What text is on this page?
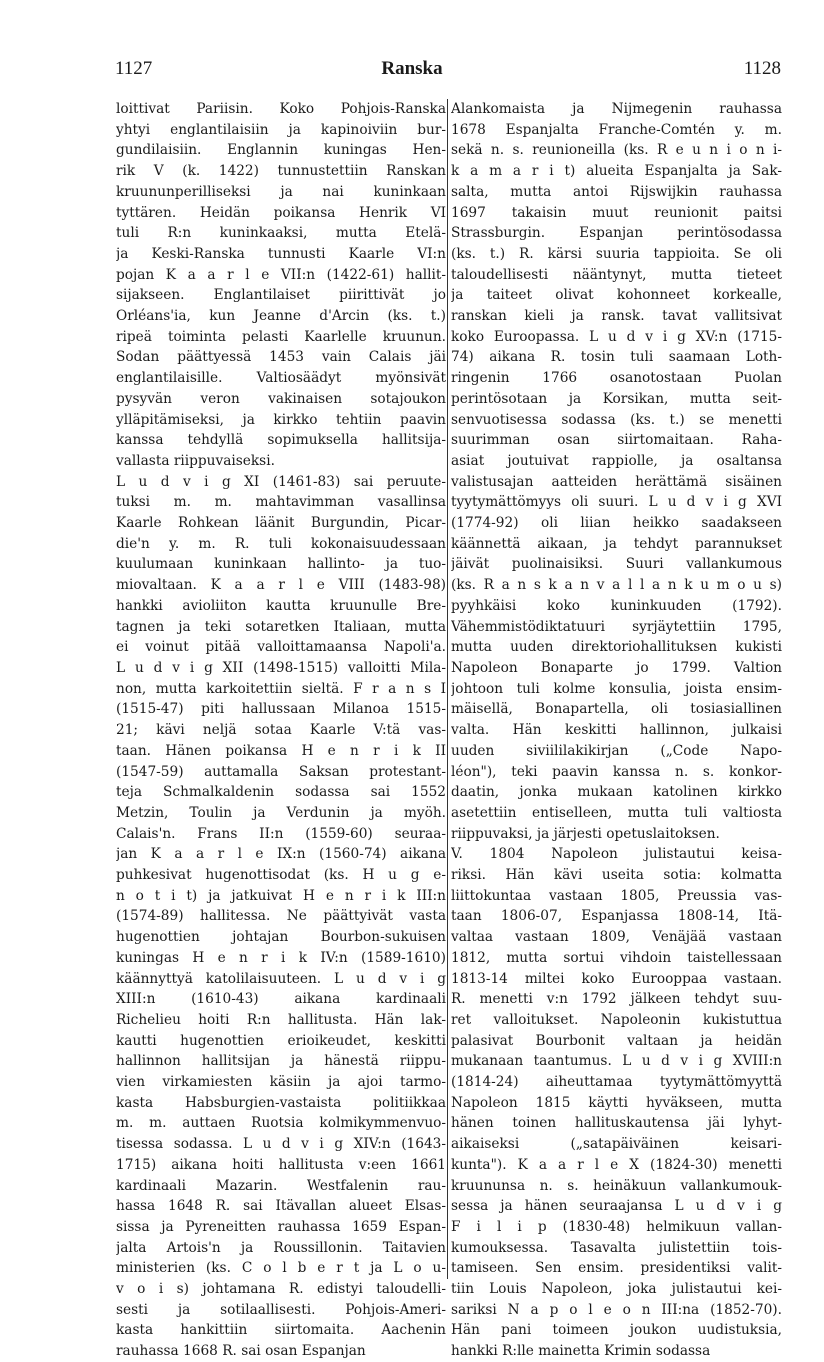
1127	Ranska	1128
loittivat Pariisin. Koko Pohjois-Ranska
yhtyi englantilaisiin ja kapinoiviin bur-
gundilaisiin. Englannin kuningas Hen-
rik V (k. 1422) tunnustettiin Ranskan
kruununperilliseksi ja nai kuninkaan
tyttären. Heidän poikansa Henrik VI
tuli R:n kuninkaaksi, mutta Etelä-
ja Keski-Ranska tunnusti Kaarle VI:n
pojan K a a r l e VII:n (1422-61) hallit-
sijakseen. Englantilaiset piirittivät jo
Orléans'ia, kun Jeanne d'Arcin (ks. t.)
ripeä toiminta pelasti Kaarlelle kruunun.
Sodan päättyessä 1453 vain Calais jäi
englantilaisille. Valtiosäädyt myönsivät
pysyvän veron vakinaisen sotajoukon
ylläpitämiseksi, ja kirkko tehtiin paavin
kanssa tehdyllä sopimuksella hallitsija-
vallasta riippuvaiseksi.
L u d v i g XI (1461-83) sai peruute-
tuksi m. m. mahtavimman vasallinsa
Kaarle Rohkean läänit Burgundin, Picar-
die'n y. m. R. tuli kokonaisuudessaan
kuulumaan kuninkaan hallinto- ja tuo-
miovaltaan. K a a r l e VIII (1483-98)
hankki avioliiton kautta kruunulle Bre-
tagnen ja teki sotaretken Italiaan, mutta
ei voinut pitää valloittamaansa Napoli'a.
L u d v i g XII (1498-1515) valloitti Mila-
non, mutta karkoitettiin sieltä. F r a n s I
(1515-47) piti hallussaan Milanoa 1515-
21; kävi neljä sotaa Kaarle V:tä vas-
taan. Hänen poikansa H e n r i k II
(1547-59) auttamalla Saksan protestant-
teja Schmalkaldenin sodassa sai 1552
Metzin, Toulin ja Verdunin ja myöh.
Calais'n. Frans II:n (1559-60) seuraa-
jan K a a r l e IX:n (1560-74) aikana
puhkesivat hugenottisodat (ks. H u g e-
n o t i t) ja jatkuivat H e n r i k III:n
(1574-89) hallitessa. Ne päättyivät vasta
hugenottien johtajan Bourbon-sukuisen
kuningas H e n r i k IV:n (1589-1610)
käännyttyä katolilaisuuteen. L u d v i g
XIII:n (1610-43) aikana kardinaali
Richelieu hoiti R:n hallitusta. Hän lak-
kautti hugenottien erioikeudet, keskitti
hallinnon hallitsijan ja hänestä riippu-
vien virkamiesten käsiin ja ajoi tarmo-
kasta Habsburgien-vastaista politiikkaa
m. m. auttaen Ruotsia kolmikymmenvuo-
tisessa sodassa. L u d v i g XIV:n (1643-
1715) aikana hoiti hallitusta v:een 1661
kardinaali Mazarin. Westfalenin rau-
hassa 1648 R. sai Itävallan alueet Elsas-
sissa ja Pyreneitten rauhassa 1659 Espan-
jalta Artois'n ja Roussillonin. Taitavien
ministerien (ks. C o l b e r t ja L o u-
v o i s) johtamana R. edistyi taloudelli-
sesti ja sotilaallisesti. Pohjois-Ameri-
kasta hankittiin siirtomaita. Aachenin
rauhassa 1668 R. sai osan Espanjan
Alankomaista ja Nijmegenin rauhassa
1678 Espanjalta Franche-Comtén y. m.
sekä n. s. reunioneilla (ks. R e u n i o n i-
k a m a r i t) alueita Espanjalta ja Sak-
salta, mutta antoi Rijswijkin rauhassa
1697 takaisin muut reunionit paitsi
Strassburgin. Espanjan perintösodassa
(ks. t.) R. kärsi suuria tappioita. Se oli
taloudellisesti nääntynyt, mutta tieteet
ja taiteet olivat kohonneet korkealle,
ranskan kieli ja ransk. tavat vallitsivat
koko Euroopassa. L u d v i g XV:n (1715-
74) aikana R. tosin tuli saamaan Loth-
ringenin 1766 osanotostaan Puolan
perintösotaan ja Korsikan, mutta seit-
senvuotisessa sodassa (ks. t.) se menetti
suurimman osan siirtomaitaan. Raha-
asiat joutuivat rappiolle, ja osaltansa
valistusajan aatteiden herättämä sisäinen
tyytymättömyys oli suuri. L u d v i g XVI
(1774-92) oli liian heikko saadakseen
käännettä aikaan, ja tehdyt parannukset
jäivät puolinaisiksi. Suuri vallankumous
(ks. R a n s k a n v a l l a n k u m o u s)
pyyhkäisi koko kuninkuuden (1792).
Vähemmistödiktatuuri syrjäytettiin 1795,
mutta uuden direktoriohallituksen kukisti
Napoleon Bonaparte jo 1799. Valtion
johtoon tuli kolme konsulia, joista ensim-
mäisellä, Bonapartella, oli tosiasiallinen
valta. Hän keskitti hallinnon, julkaisi
uuden siviililakikirjan („Code Napo-
léon"), teki paavin kanssa n. s. konkor-
daatin, jonka mukaan katolinen kirkko
asetettiin entiselleen, mutta tuli valtiosta
riippuvaksi, ja järjesti opetuslaitoksen.
V. 1804 Napoleon julistautui keisa-
riksi. Hän kävi useita sotia: kolmatta
liittokuntaa vastaan 1805, Preussia vas-
taan 1806-07, Espanjassa 1808-14, Itä-
valtaa vastaan 1809, Venäjää vastaan
1812, mutta sortui vihdoin taistellessaan
1813-14 miltei koko Eurooppaa vastaan.
R. menetti v:n 1792 jälkeen tehdyt suu-
ret valloitukset. Napoleonin kukistuttua
palasivat Bourbonit valtaan ja heidän
mukanaan taantumus. L u d v i g XVIII:n
(1814-24) aiheuttamaa tyytymättömyyttä
Napoleon 1815 käytti hyväkseen, mutta
hänen toinen hallituskautensa jäi lyhyt-
aikaiseksi („satapäiväinen keisari-
kunta"). K a a r l e X (1824-30) menetti
kruununsa n. s. heinäkuun vallankumouk-
sessa ja hänen seuraajansa L u d v i g
F i l i p (1830-48) helmikuun vallan-
kumouksessa. Tasavalta julistettiin tois-
tamiseen. Sen ensim. presidentiksi valit-
tiin Louis Napoleon, joka julistautui kei-
sariksi N a p o l e o n III:na (1852-70).
Hän pani toimeen joukon uudistuksia,
hankki R:lle mainetta Krimin sodassa
